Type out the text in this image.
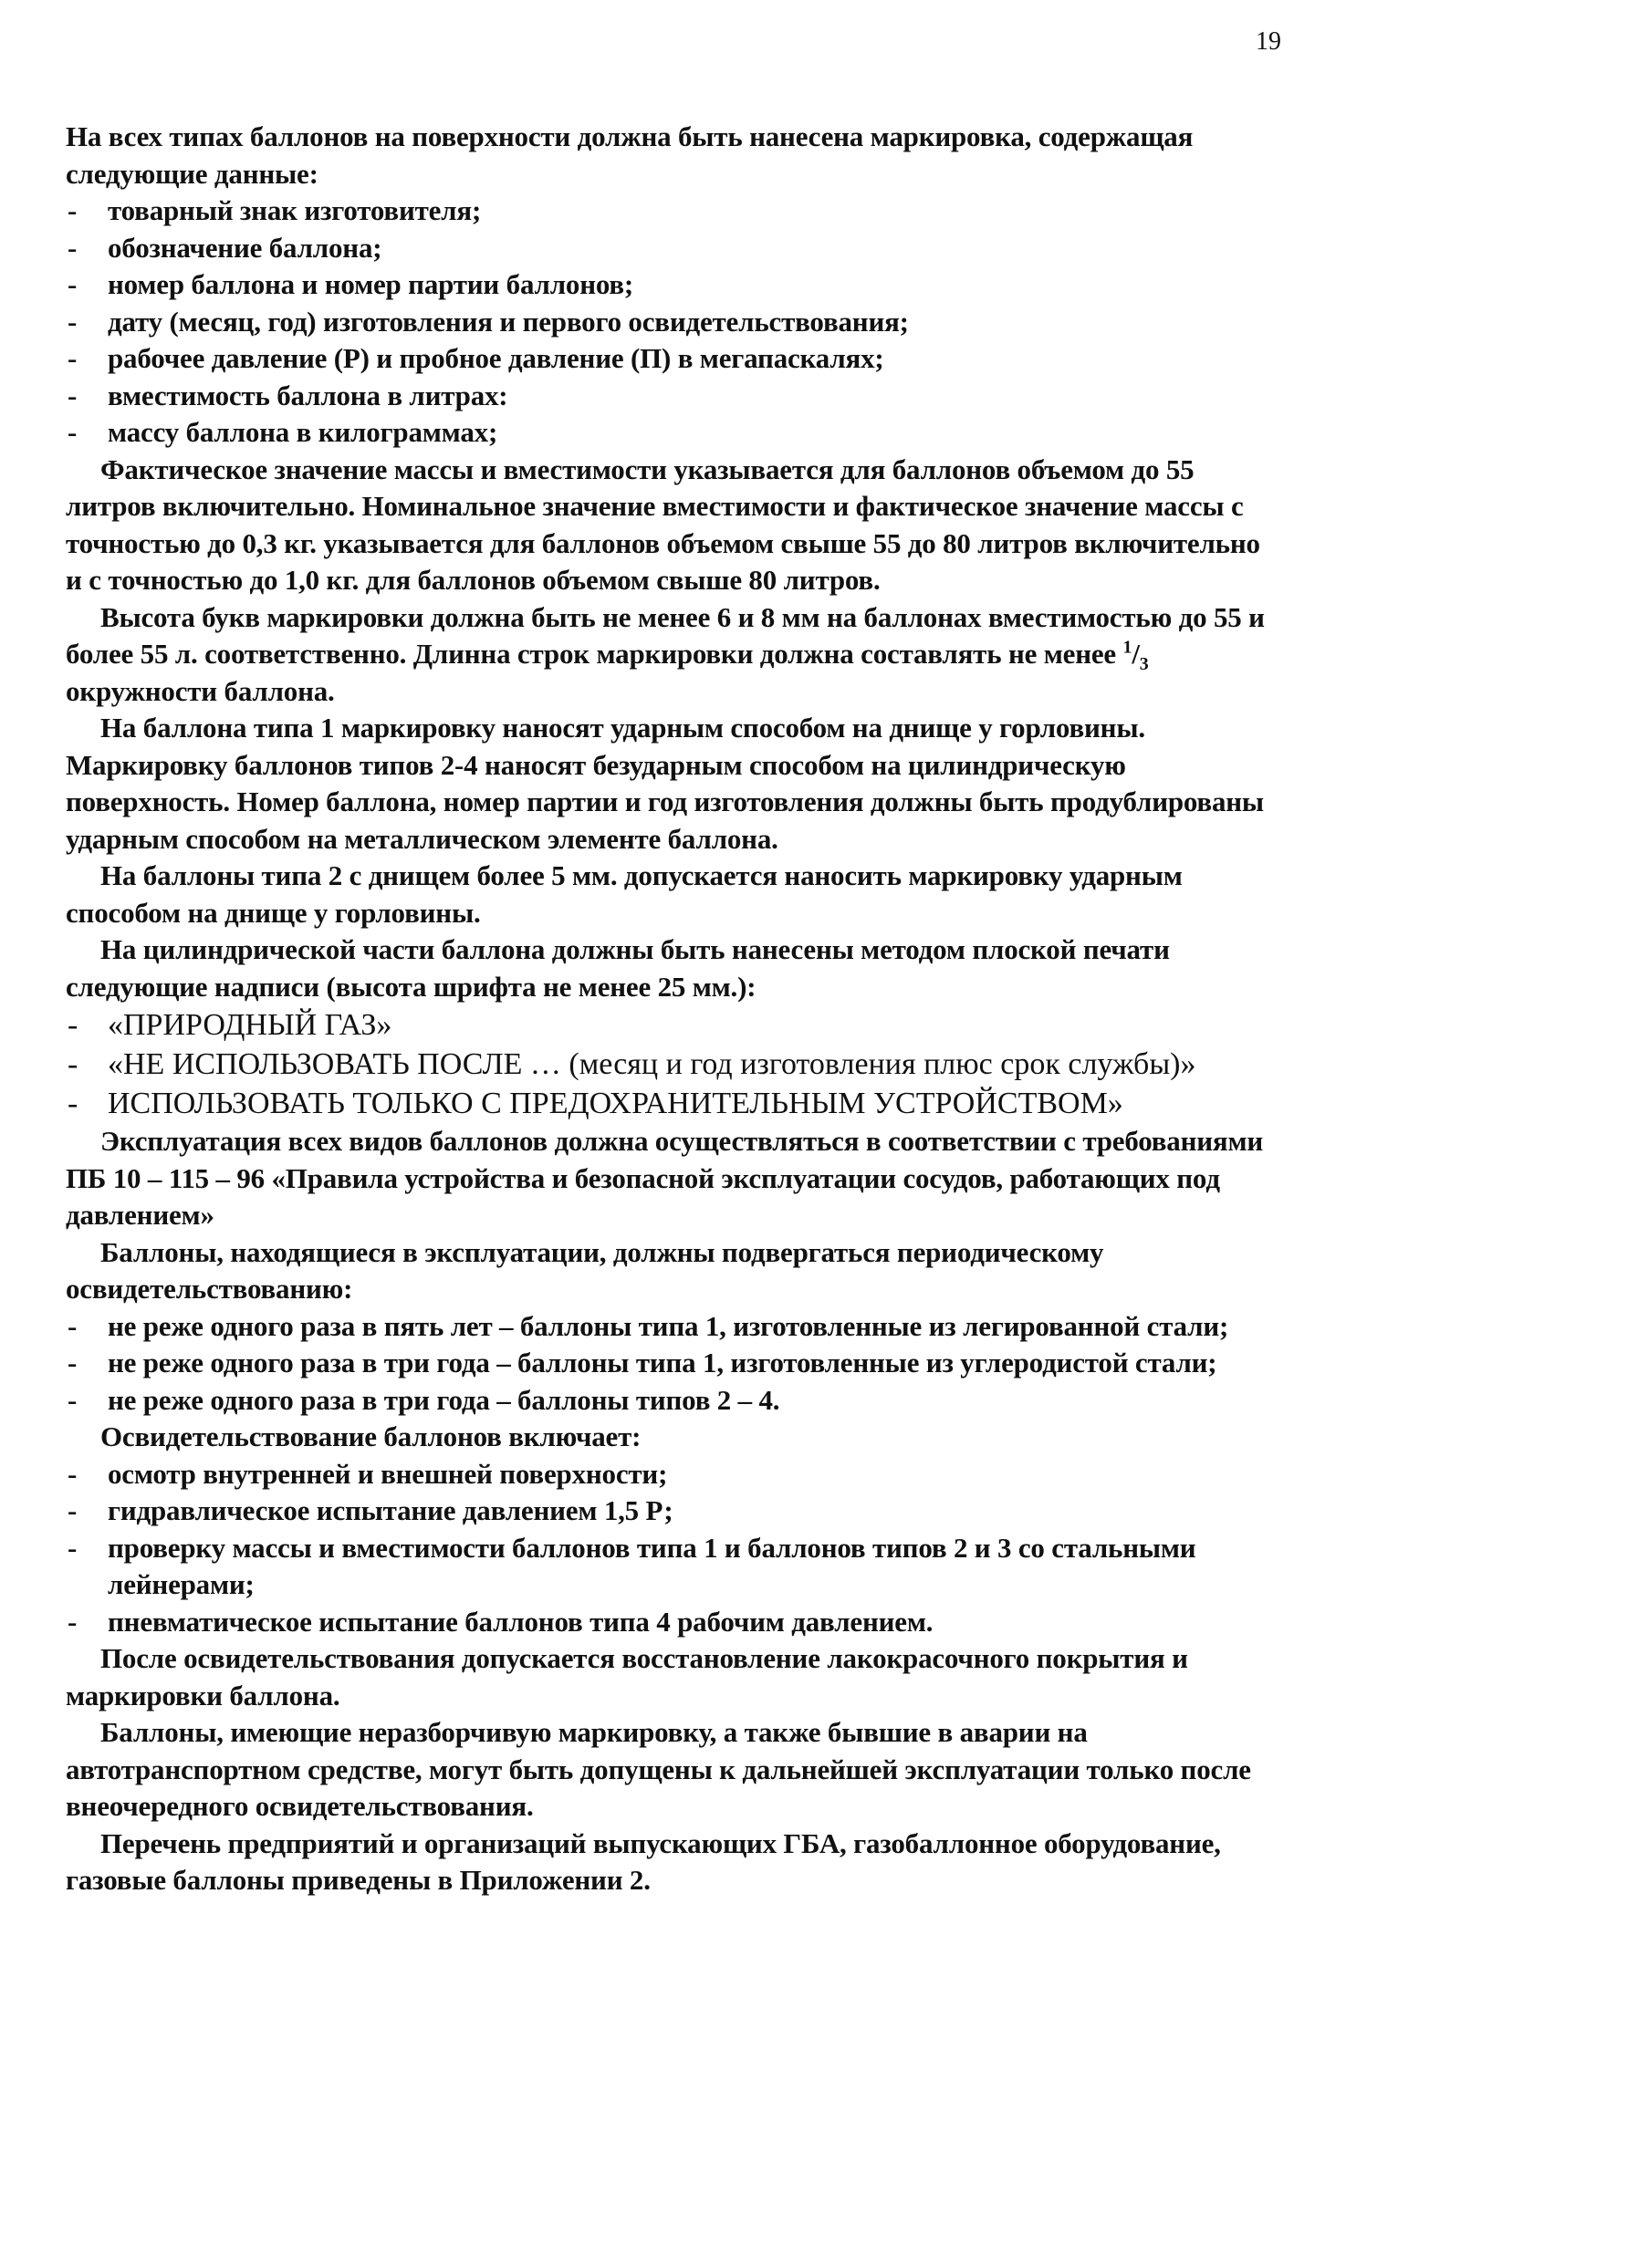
19

На всех типах баллонов на поверхности должна быть нанесена маркировка, содержащая следующие данные:

- товарный знак изготовителя;

- обозначение баллона;

- номер баллона и номер партии баллонов;

- дату (месяц, год) изготовления и первого освидетельствования;

- рабочее давление (Р) и пробное давление (П) в мегапаскалях;

- вместимость баллона в литрах:

- массу баллона в килограммах;

Фактическое значение массы и вместимости указывается для баллонов объемом до 55 литров включительно. Номинальное значение вместимости и фактическое значение массы с точностью до 0,3 кг. указывается для баллонов объемом свыше 55 до 80 литров включительно и с точностью до 1,0 кг. для баллонов объемом свыше 80 литров.

Высота букв маркировки должна быть не менее 6 и 8 мм на баллонах вместимостью до 55 и более 55 л. соответственно. Длинна строк маркировки должна составлять не менее $^1/_3$ окружности баллона.

На баллона типа 1 маркировку наносят ударным способом на днище у горловины. Маркировку баллонов типов 2-4 наносят безударным способом на цилиндрическую поверхность. Номер баллона, номер партии и год изготовления должны быть продублированы ударным способом на металлическом элементе баллона.

На баллоны типа 2 с днищем более 5 мм. допускается наносить маркировку ударным способом на днище у горловины.

На цилиндрической части баллона должны быть нанесены методом плоской печати следующие надписи (высота шрифта не менее 25 мм.):

- «ПРИРОДНЫЙ ГАЗ»

- «НЕ ИСПОЛЬЗОВАТЬ ПОСЛЕ … (месяц и год изготовления плюс срок службы)»

- ИСПОЛЬЗОВАТЬ ТОЛЬКО С ПРЕДОХРАНИТЕЛЬНЫМ УСТРОЙСТВОМ»

Эксплуатация всех видов баллонов должна осуществляться в соответствии с требованиями ПБ 10 – 115 – 96 «Правила устройства и безопасной эксплуатации сосудов, работающих под давлением»

Баллоны, находящиеся в эксплуатации, должны подвергаться периодическому освидетельствованию:

- не реже одного раза в пять лет – баллоны типа 1, изготовленные из легированной стали;

- не реже одного раза в три года – баллоны типа 1, изготовленные из углеродистой стали;

- не реже одного раза в три года – баллоны типов 2 – 4.

Освидетельствование баллонов включает:

- осмотр внутренней и внешней поверхности;

- гидравлическое испытание давлением 1,5 Р;

- проверку массы и вместимости баллонов типа 1 и баллонов типов 2 и 3 со стальными лейнерами;

- пневматическое испытание баллонов типа 4 рабочим давлением.

После освидетельствования допускается восстановление лакокрасочного покрытия и маркировки баллона.

Баллоны, имеющие неразборчивую маркировку, а также бывшие в аварии на автотранспортном средстве, могут быть допущены к дальнейшей эксплуатации только после внеочередного освидетельствования.

Перечень предприятий и организаций выпускающих ГБА, газобаллонное оборудование, газовые баллоны приведены в Приложении 2.
